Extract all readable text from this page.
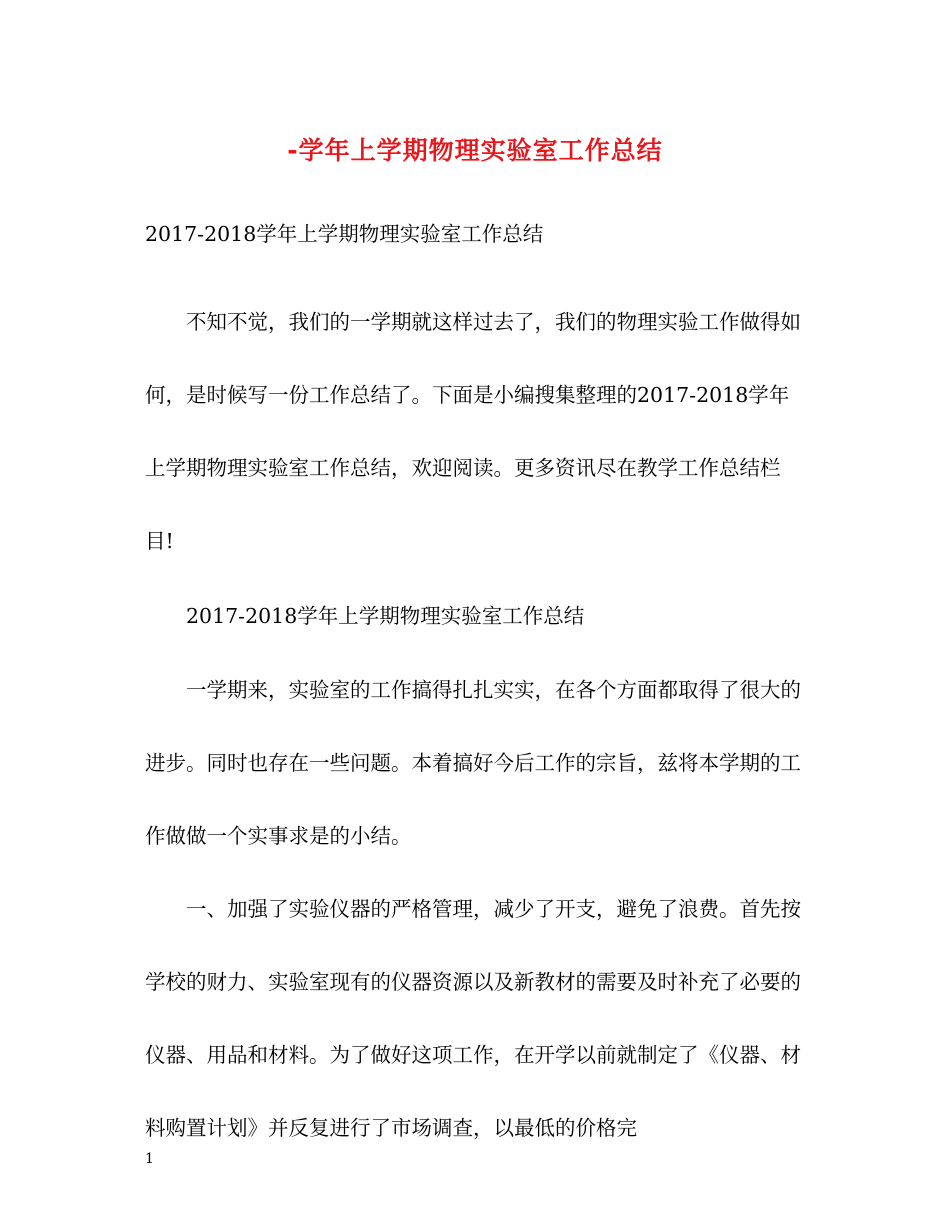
-学年上学期物理实验室工作总结

2017-2018学年上学期物理实验室工作总结

不知不觉，我们的一学期就这样过去了，我们的物理实验工作做得如何，是时候写一份工作总结了。下面是小编搜集整理的2017-2018学年上学期物理实验室工作总结，欢迎阅读。更多资讯尽在教学工作总结栏目!

2017-2018学年上学期物理实验室工作总结

一学期来，实验室的工作搞得扎扎实实，在各个方面都取得了很大的进步。同时也存在一些问题。本着搞好今后工作的宗旨，兹将本学期的工作做做一个实事求是的小结。

一、加强了实验仪器的严格管理，减少了开支，避免了浪费。首先按学校的财力、实验室现有的仪器资源以及新教材的需要及时补充了必要的仪器、用品和材料。为了做好这项工作，在开学以前就制定了《仪器、材料购置计划》并反复进行了市场调查，以最低的价格完

1
